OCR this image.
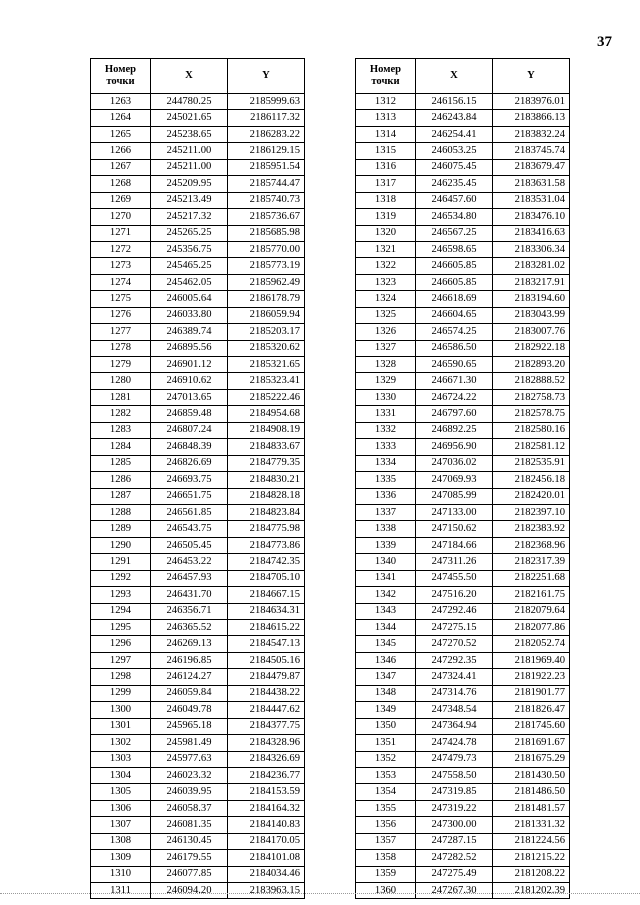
37
Номер
точки	X	Y
1263	244780.25	2185999.63
1264	245021.65	2186117.32
1265	245238.65	2186283.22
1266	245211.00	2186129.15
1267	245211.00	2185951.54
1268	245209.95	2185744.47
1269	245213.49	2185740.73
1270	245217.32	2185736.67
1271	245265.25	2185685.98
1272	245356.75	2185770.00
1273	245465.25	2185773.19
1274	245462.05	2185962.49
1275	246005.64	2186178.79
1276	246033.80	2186059.94
1277	246389.74	2185203.17
1278	246895.56	2185320.62
1279	246901.12	2185321.65
1280	246910.62	2185323.41
1281	247013.65	2185222.46
1282	246859.48	2184954.68
1283	246807.24	2184908.19
1284	246848.39	2184833.67
1285	246826.69	2184779.35
1286	246693.75	2184830.21
1287	246651.75	2184828.18
1288	246561.85	2184823.84
1289	246543.75	2184775.98
1290	246505.45	2184773.86
1291	246453.22	2184742.35
1292	246457.93	2184705.10
1293	246431.70	2184667.15
1294	246356.71	2184634.31
1295	246365.52	2184615.22
1296	246269.13	2184547.13
1297	246196.85	2184505.16
1298	246124.27	2184479.87
1299	246059.84	2184438.22
1300	246049.78	2184447.62
1301	245965.18	2184377.75
1302	245981.49	2184328.96
1303	245977.63	2184326.69
1304	246023.32	2184236.77
1305	246039.95	2184153.59
1306	246058.37	2184164.32
1307	246081.35	2184140.83
1308	246130.45	2184170.05
1309	246179.55	2184101.08
1310	246077.85	2184034.46
1311	246094.20	2183963.15
Номер
точки	X	Y
1312	246156.15	2183976.01
1313	246243.84	2183866.13
1314	246254.41	2183832.24
1315	246053.25	2183745.74
1316	246075.45	2183679.47
1317	246235.45	2183631.58
1318	246457.60	2183531.04
1319	246534.80	2183476.10
1320	246567.25	2183416.63
1321	246598.65	2183306.34
1322	246605.85	2183281.02
1323	246605.85	2183217.91
1324	246618.69	2183194.60
1325	246604.65	2183043.99
1326	246574.25	2183007.76
1327	246586.50	2182922.18
1328	246590.65	2182893.20
1329	246671.30	2182888.52
1330	246724.22	2182758.73
1331	246797.60	2182578.75
1332	246892.25	2182580.16
1333	246956.90	2182581.12
1334	247036.02	2182535.91
1335	247069.93	2182456.18
1336	247085.99	2182420.01
1337	247133.00	2182397.10
1338	247150.62	2182383.92
1339	247184.66	2182368.96
1340	247311.26	2182317.39
1341	247455.50	2182251.68
1342	247516.20	2182161.75
1343	247292.46	2182079.64
1344	247275.15	2182077.86
1345	247270.52	2182052.74
1346	247292.35	2181969.40
1347	247324.41	2181922.23
1348	247314.76	2181901.77
1349	247348.54	2181826.47
1350	247364.94	2181745.60
1351	247424.78	2181691.67
1352	247479.73	2181675.29
1353	247558.50	2181430.50
1354	247319.85	2181486.50
1355	247319.22	2181481.57
1356	247300.00	2181331.32
1357	247287.15	2181224.56
1358	247282.52	2181215.22
1359	247275.49	2181208.22
1360	247267.30	2181202.39
